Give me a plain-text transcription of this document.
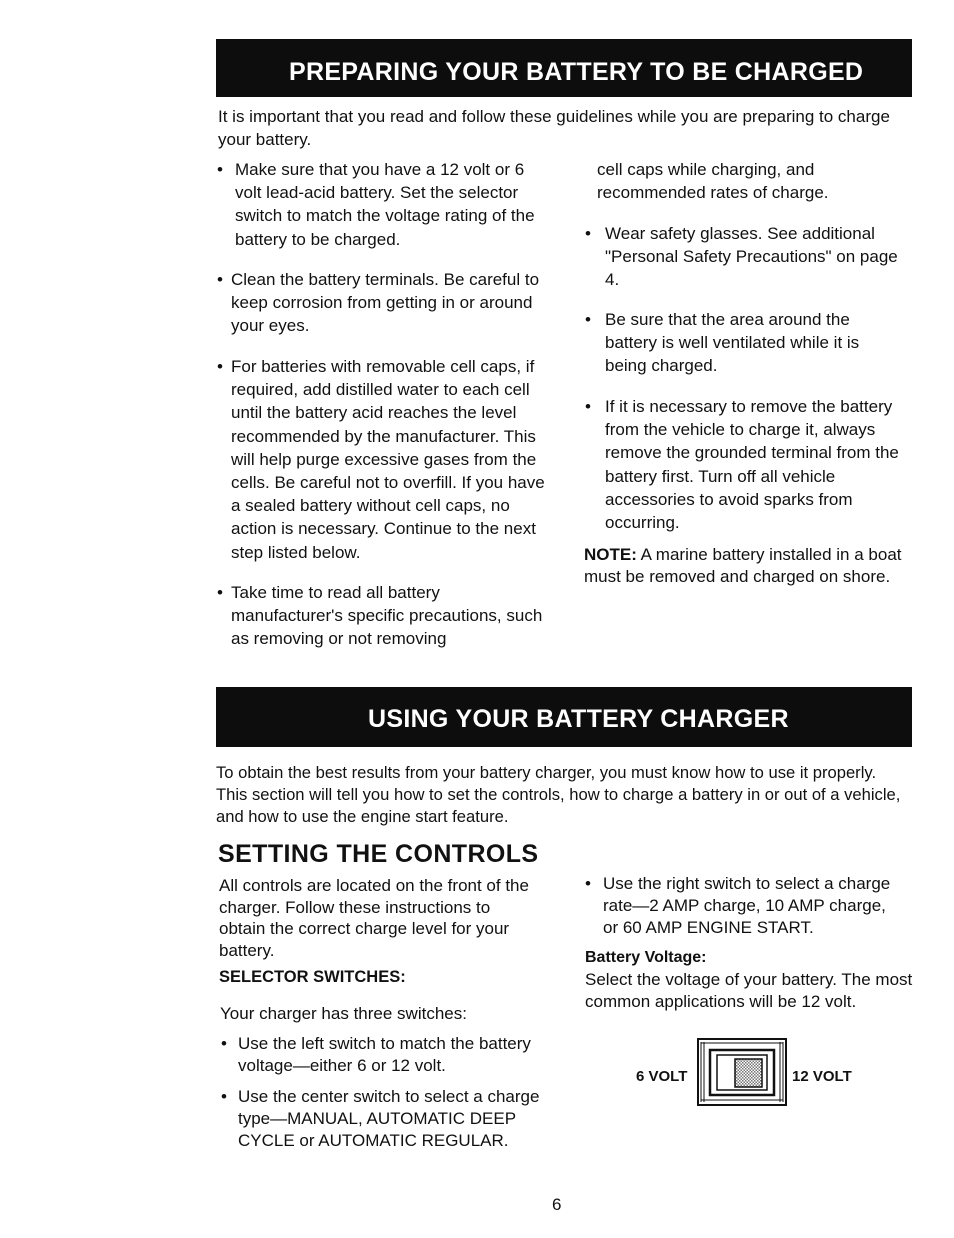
PREPARING YOUR BATTERY TO BE CHARGED
It is important that you read and follow these guidelines while you are preparing to charge your battery.
• Make sure that you have a 12 volt or 6 volt lead-acid battery. Set the selector switch to match the voltage rating of the battery to be charged.
• Clean the battery terminals. Be careful to keep corrosion from getting in or around your eyes.
• For batteries with removable cell caps, if required, add distilled water to each cell until the battery acid reaches the level recommended by the manufacturer. This will help purge excessive gases from the cells. Be careful not to overfill. If you have a sealed battery without cell caps, no action is necessary. Continue to the next step listed below.
• Take time to read all battery manufacturer's specific precautions, such as removing or not removing
cell caps while charging, and recommended rates of charge.
• Wear safety glasses. See additional "Personal Safety Precautions" on page 4.
• Be sure that the area around the battery is well ventilated while it is being charged.
• If it is necessary to remove the battery from the vehicle to charge it, always remove the grounded terminal from the battery first. Turn off all vehicle accessories to avoid sparks from occurring.
NOTE: A marine battery installed in a boat must be removed and charged on shore.
USING YOUR BATTERY CHARGER
To obtain the best results from your battery charger, you must know how to use it properly. This section will tell you how to set the controls, how to charge a battery in or out of a vehicle, and how to use the engine start feature.
SETTING THE CONTROLS
All controls are located on the front of the charger. Follow these instructions to obtain the correct charge level for your battery.
SELECTOR SWITCHES:
Your charger has three switches:
• Use the left switch to match the battery voltage—either 6 or 12 volt.
• Use the center switch to select a charge type—MANUAL, AUTOMATIC DEEP CYCLE or AUTOMATIC REGULAR.
• Use the right switch to select a charge rate—2 AMP charge, 10 AMP charge, or 60 AMP ENGINE START.
Battery Voltage:
Select the voltage of your battery. The most common applications will be 12 volt.
6 VOLT	12 VOLT
6
